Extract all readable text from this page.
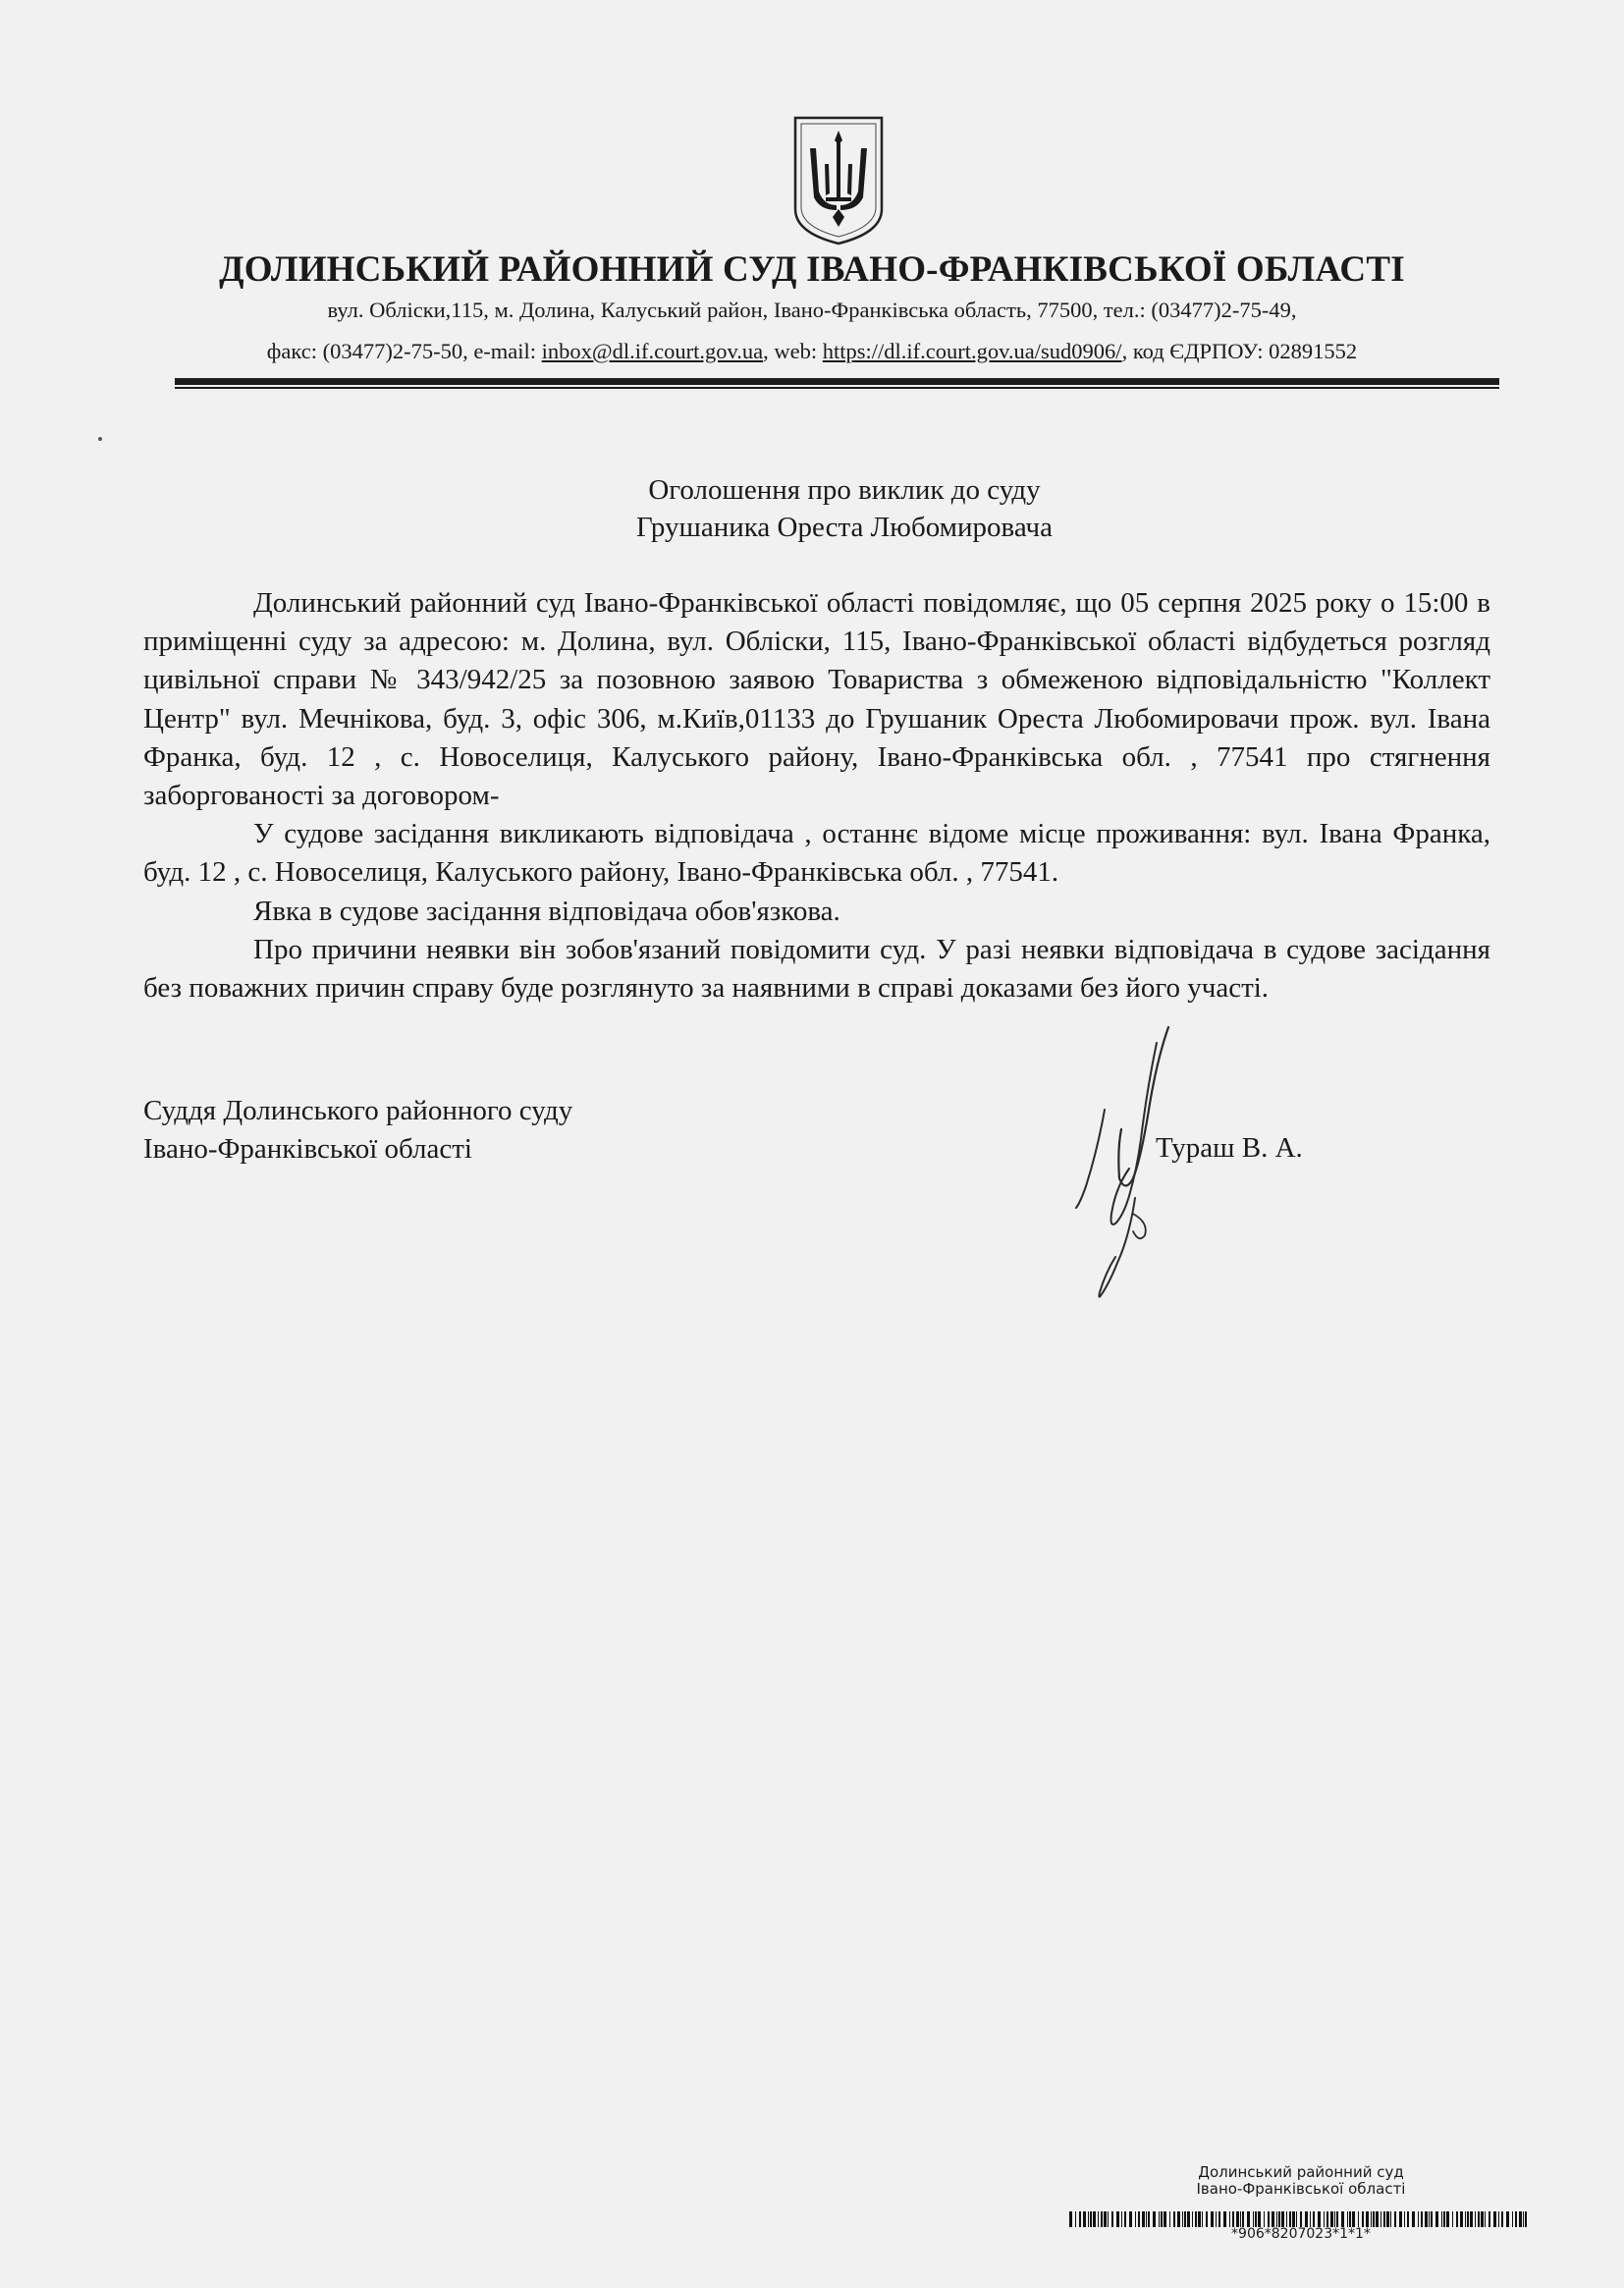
ДОЛИНСЬКИЙ РАЙОННИЙ СУД ІВАНО-ФРАНКІВСЬКОЇ ОБЛАСТІ
вул. Обліски,115, м. Долина, Калуський район, Івано-Франківська область, 77500, тел.: (03477)2-75-49,
факс: (03477)2-75-50, e-mail: inbox@dl.if.court.gov.ua, web: https://dl.if.court.gov.ua/sud0906/, код ЄДРПОУ: 02891552
Оголошення про виклик до суду
Грушаника Ореста Любомировача

Долинський районний суд Івано-Франківської області повідомляє, що 05 серпня 2025 року о 15:00 в приміщенні суду за адресою: м. Долина, вул. Обліски, 115, Івано-Франківської області відбудеться розгляд цивільної справи № 343/942/25 за позовною заявою Товариства з обмеженою відповідальністю "Коллект Центр" вул. Мечнікова, буд. 3, офіс 306, м.Київ,01133 до Грушаник Ореста Любомировачи прож. вул. Івана Франка, буд. 12 , с. Новоселиця, Калуського району, Івано-Франківська обл. , 77541 про стягнення заборгованості за договором-

У судове засідання викликають відповідача , останнє відоме місце проживання: вул. Івана Франка, буд. 12 , с. Новоселиця, Калуського району, Івано-Франківська обл. , 77541.

Явка в судове засідання відповідача обов'язкова.

Про причини неявки він зобов'язаний повідомити суд. У разі неявки відповідача в судове засідання без поважних причин справу буде розглянуто за наявними в справі доказами без його участі.

Суддя Долинського районного суду
Івано-Франківської області	Тураш В. А.
Долинський районний суд
Івано-Франківської області
*906*8207023*1*1*
